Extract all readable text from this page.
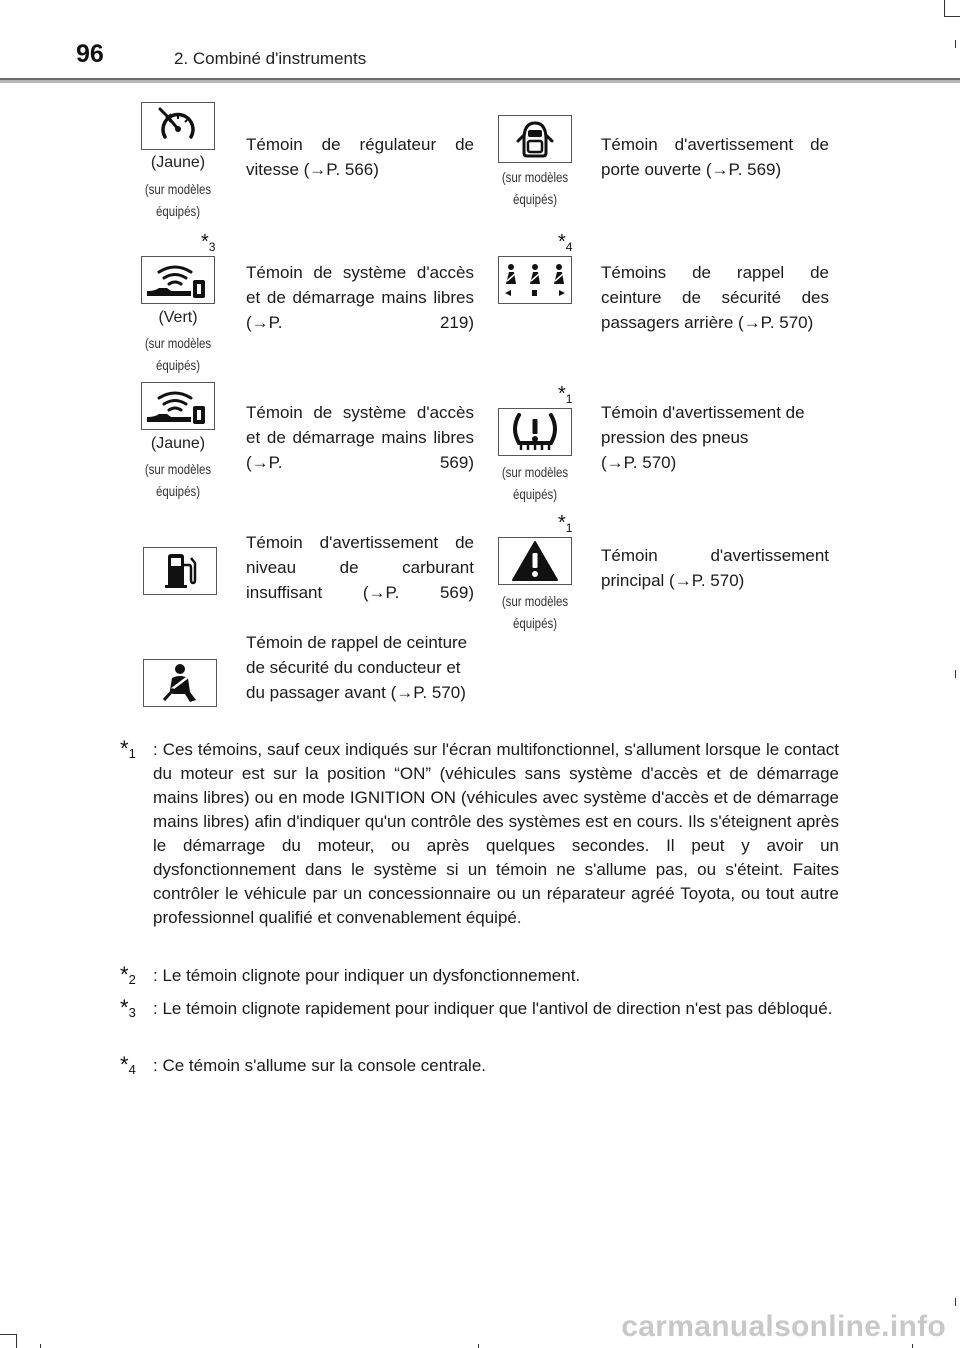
96	2. Combiné d'instruments
(Jaune)
(sur modèles
équipés)
Témoin de régulateur de vitesse (→P. 566)	(sur modèles
équipés)
Témoin d'avertissement de porte ouverte (→P. 569)
$*_3$
(Vert)
(sur modèles
équipés)
Témoin de système d'accès et de démarrage mains libres (→P. 219)
$*_4$
Témoins de rappel de ceinture de sécurité des passagers arrière (→P. 570)
(Jaune)
(sur modèles
équipés)
Témoin de système d'accès et de démarrage mains libres (→P. 569)
$*_1$
(sur modèles
équipés)
Témoin d'avertissement de
pression des pneus
(→P. 570)
Témoin d'avertissement de niveau de carburant insuffisant (→P. 569)
$*_1$
(sur modèles
équipés)
Témoin d'avertissement
principal (→P. 570)
Témoin de rappel de ceinture de sécurité du conducteur et du passager avant (→P. 570)
$*_1$ : Ces témoins, sauf ceux indiqués sur l'écran multifonctionnel, s'allument lorsque le contact du moteur est sur la position “ON” (véhicules sans système d'accès et de démarrage mains libres) ou en mode IGNITION ON (véhicules avec système d'accès et de démarrage mains libres) afin d'indiquer qu'un contrôle des systèmes est en cours. Ils s'éteignent après le démarrage du moteur, ou après quelques secondes. Il peut y avoir un dysfonctionnement dans le système si un témoin ne s'allume pas, ou s'éteint. Faites contrôler le véhicule par un concessionnaire ou un réparateur agréé Toyota, ou tout autre professionnel qualifié et convenablement équipé.
$*_2$ : Le témoin clignote pour indiquer un dysfonctionnement.
$*_3$ : Le témoin clignote rapidement pour indiquer que l'antivol de direction n'est pas débloqué.
$*_4$ : Ce témoin s'allume sur la console centrale.
carmanualsonline.info
